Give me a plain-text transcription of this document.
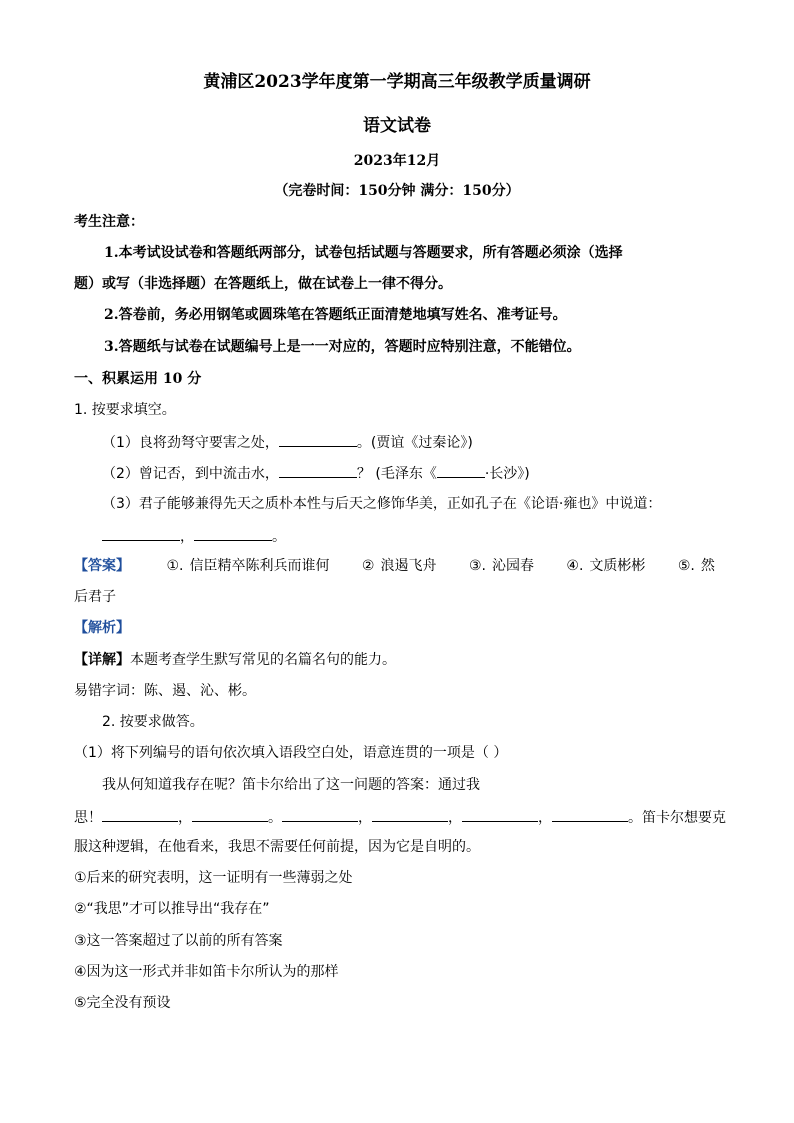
黄浦区2023学年度第一学期高三年级教学质量调研
语文试卷
2023年12月
（完卷时间：150分钟 满分：150分）
考生注意：
1.本考试设试卷和答题纸两部分，试卷包括试题与答题要求，所有答题必须涂（选择
题）或写（非选择题）在答题纸上，做在试卷上一律不得分。
2.答卷前，务必用钢笔或圆珠笔在答题纸正面清楚地填写姓名、准考证号。
3.答题纸与试卷在试题编号上是一一对应的，答题时应特别注意，不能错位。
一、积累运用 10 分
1. 按要求填空。
（1）良将劲弩守要害之处，	。(贾谊《过秦论》)
（2）曾记否，到中流击水，	？ (毛泽东《	·长沙》)
（3）君子能够兼得先天之质朴本性与后天之修饰华美，正如孔子在《论语·雍也》中说道：
，	。
【答案】	①. 信臣精卒陈利兵而谁何 ② 浪遏飞舟 ③. 沁园春 ④. 文质彬彬 ⑤. 然
后君子
【解析】
【详解】本题考查学生默写常见的名篇名句的能力。
易错字词：陈、遏、沁、彬。
2. 按要求做答。
（1）将下列编号的语句依次填入语段空白处，语意连贯的一项是（ ）
我从何知道我存在呢？笛卡尔给出了这一问题的答案：通过我
思！	，	。	，	，	，	。笛卡尔想要克
服这种逻辑，在他看来，我思不需要任何前提，因为它是自明的。
①后来的研究表明，这一证明有一些薄弱之处
②“我思”才可以推导出“我存在”
③这一答案超过了以前的所有答案
④因为这一形式并非如笛卡尔所认为的那样
⑤完全没有预设
